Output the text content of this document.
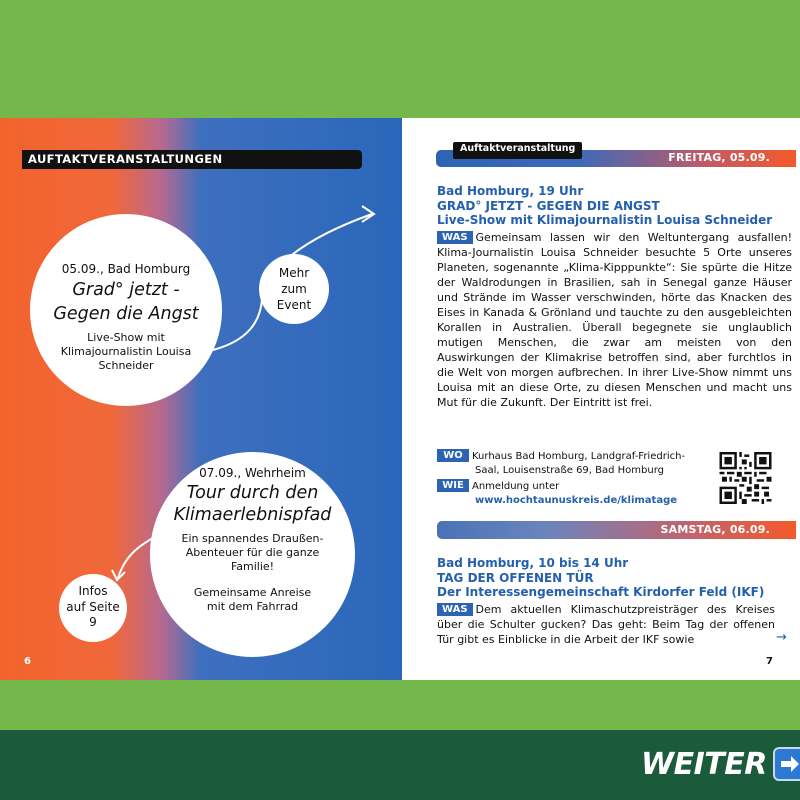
AUFTAKTVERANSTALTUNGEN
05.09., Bad Homburg
Grad° jetzt -
Gegen die Angst
Live-Show mit
Klimajournalistin Louisa
Schneider
Mehr
zum
Event
07.09., Wehrheim
Tour durch den
Klimaerlebnispfad
Ein spannendes Draußen-
Abenteuer für die ganze
Familie!
Gemeinsame Anreise
mit dem Fahrrad
Infos
auf Seite
9
6
Auftaktveranstaltung
FREITAG, 05.09.
Bad Homburg, 19 Uhr
GRAD° JETZT - GEGEN DIE ANGST
Live-Show mit Klimajournalistin Louisa Schneider
WAS Gemeinsam lassen wir den Weltuntergang ausfallen! Klima-Journalistin Louisa Schneider besuchte 5 Orte unseres Planeten, sogenannte „Klima-Kipppunkte“: Sie spürte die Hitze der Waldrodungen in Brasilien, sah in Senegal ganze Häuser und Strände im Wasser verschwinden, hörte das Knacken des Eises in Kanada & Grönland und tauchte zu den ausgebleichten Korallen in Australien. Überall begegnete sie unglaublich mutigen Menschen, die zwar am meisten von den Auswirkungen der Klimakrise betroffen sind, aber furchtlos in die Welt von morgen aufbrechen. In ihrer Live-Show nimmt uns Louisa mit an diese Orte, zu diesen Menschen und macht uns Mut für die Zukunft. Der Eintritt ist frei.
WO Kurhaus Bad Homburg, Landgraf-Friedrich-
Saal, Louisenstraße 69, Bad Homburg
WIE Anmeldung unter
www.hochtaunuskreis.de/klimatage
SAMSTAG, 06.09.
Bad Homburg, 10 bis 14 Uhr
TAG DER OFFENEN TÜR
Der Interessengemeinschaft Kirdorfer Feld (IKF)
WAS Dem aktuellen Klimaschutzpreisträger des Kreises über die Schulter gucken? Das geht: Beim Tag der offenen Tür gibt es Einblicke in die Arbeit der IKF sowie	→
7
WEITER
